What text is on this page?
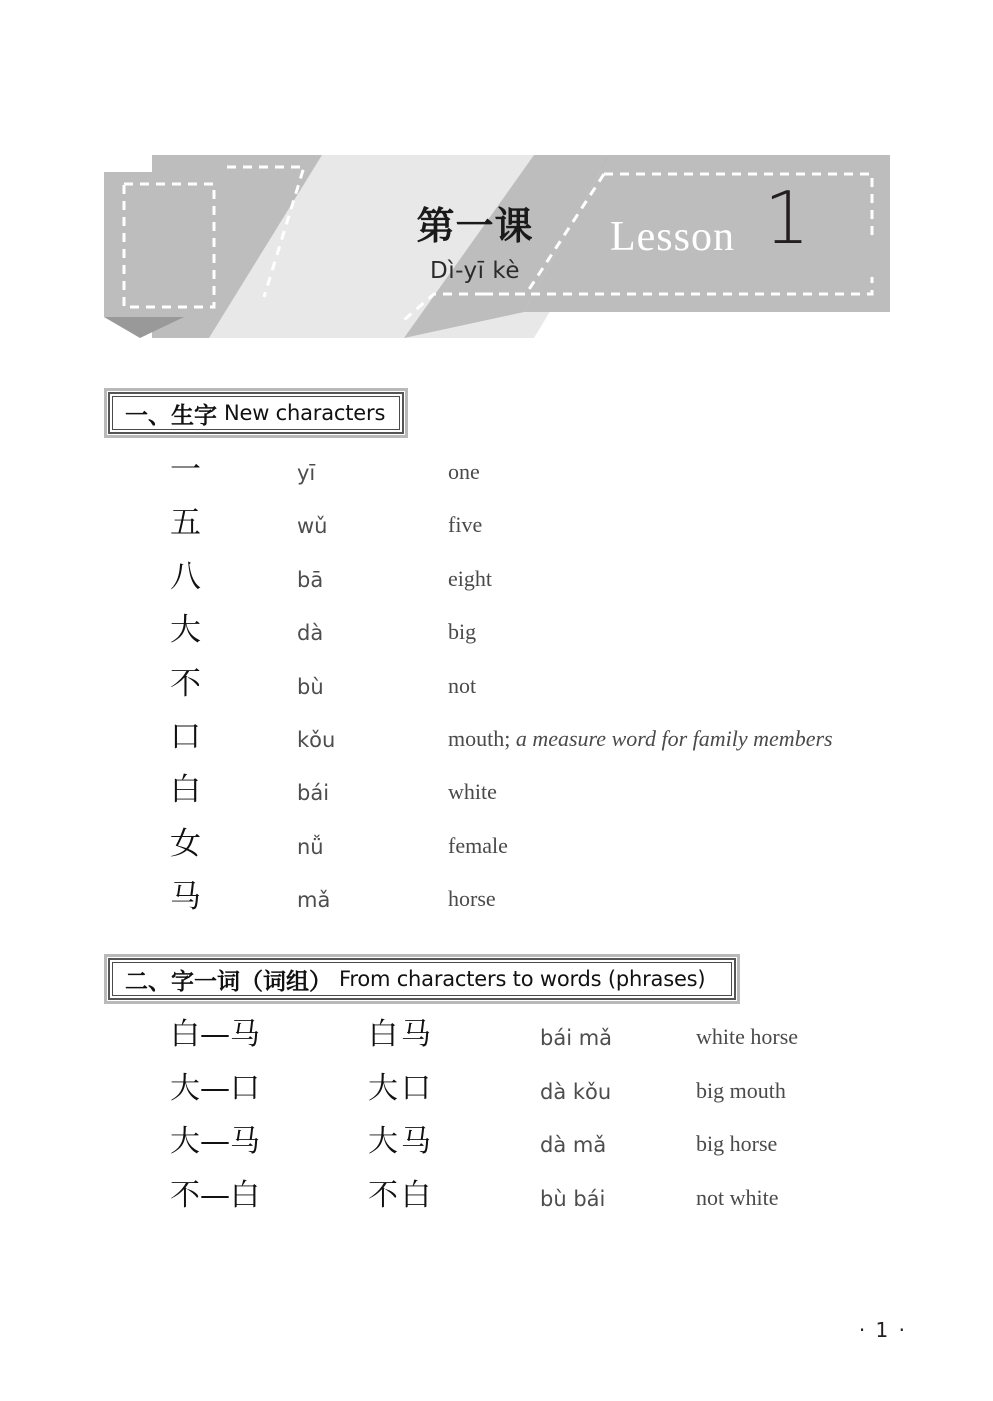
第一课
Dì-yī kè
Lesson 1
一、 生字 New characters
一	yī	one
五	wǔ	five
八	bā	eight
大	dà	big
不	bù	not
口	kǒu	mouth; a measure word for family members
白	bái	white
女	nǚ	female
马	mǎ	horse
二、 字一词（词组） From characters to words (phrases)
白—马	白马	bái mǎ	white horse
大—口	大口	dà kǒu	big mouth
大—马	大马	dà mǎ	big horse
不—白	不白	bù bái	not white
· 1 ·
